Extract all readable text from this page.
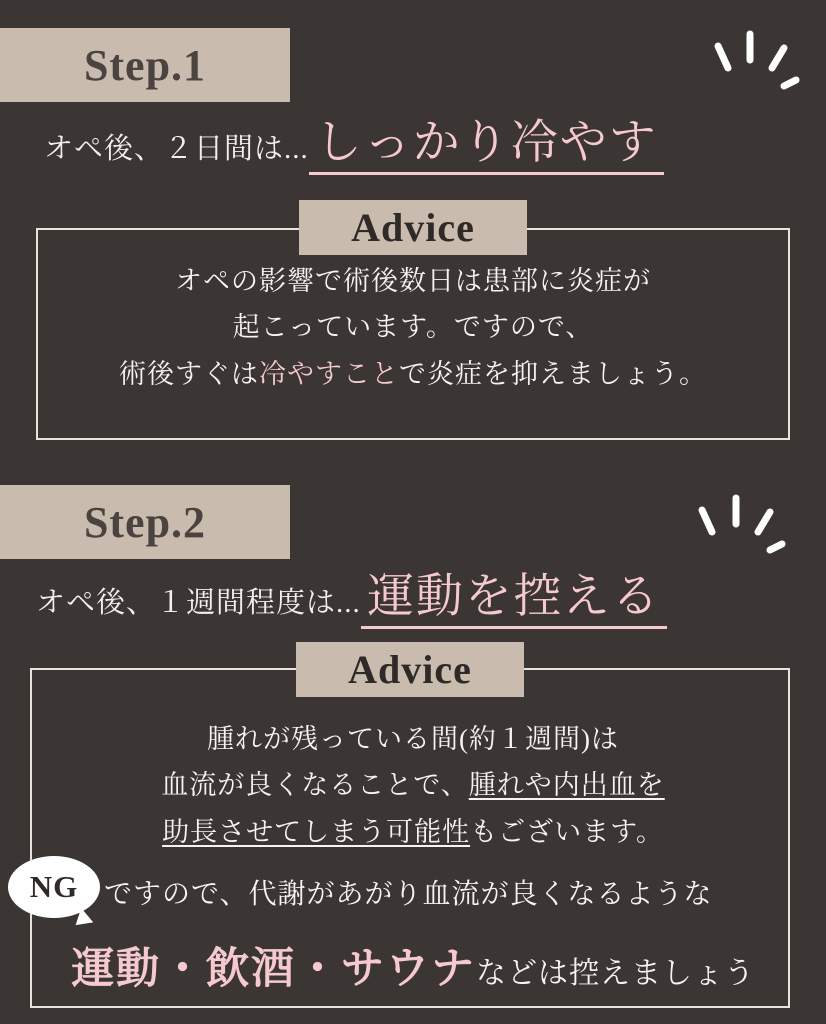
Step.1
オペ後、２日間は... しっかり冷やす
Advice
オペの影響で術後数日は患部に炎症が
起こっています。ですので、
術後すぐは冷やすことで炎症を抑えましょう。
Step.2
オペ後、１週間程度は... 運動を控える
Advice
腫れが残っている間(約１週間)は
血流が良くなることで、腫れや内出血を
助長させてしまう可能性もございます。
NG ですので、代謝があがり血流が良くなるような
運動・飲酒・サウナなどは控えましょう
